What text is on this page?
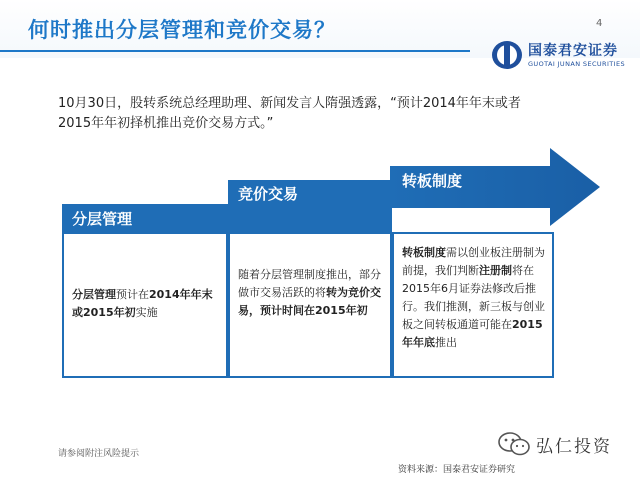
何时推出分层管理和竞价交易？	4
国泰君安证券
GUOTAI JUNAN SECURITIES
10月30日，股转系统总经理助理、新闻发言人隋强透露，“预计2014年年末或者2015年年初择机推出竞价交易方式。”
分层管理
竞价交易
转板制度
分层管理预计在2014年年末或2015年初实施
随着分层管理制度推出，部分做市交易活跃的将转为竞价交易，预计时间在2015年初
转板制度需以创业板注册制为前提，我们判断注册制将在2015年6月证券法修改后推行。我们推测，新三板与创业板之间转板通道可能在2015年年底推出
请参阅附注风险提示	弘仁投资
资料来源：国泰君安证券研究
